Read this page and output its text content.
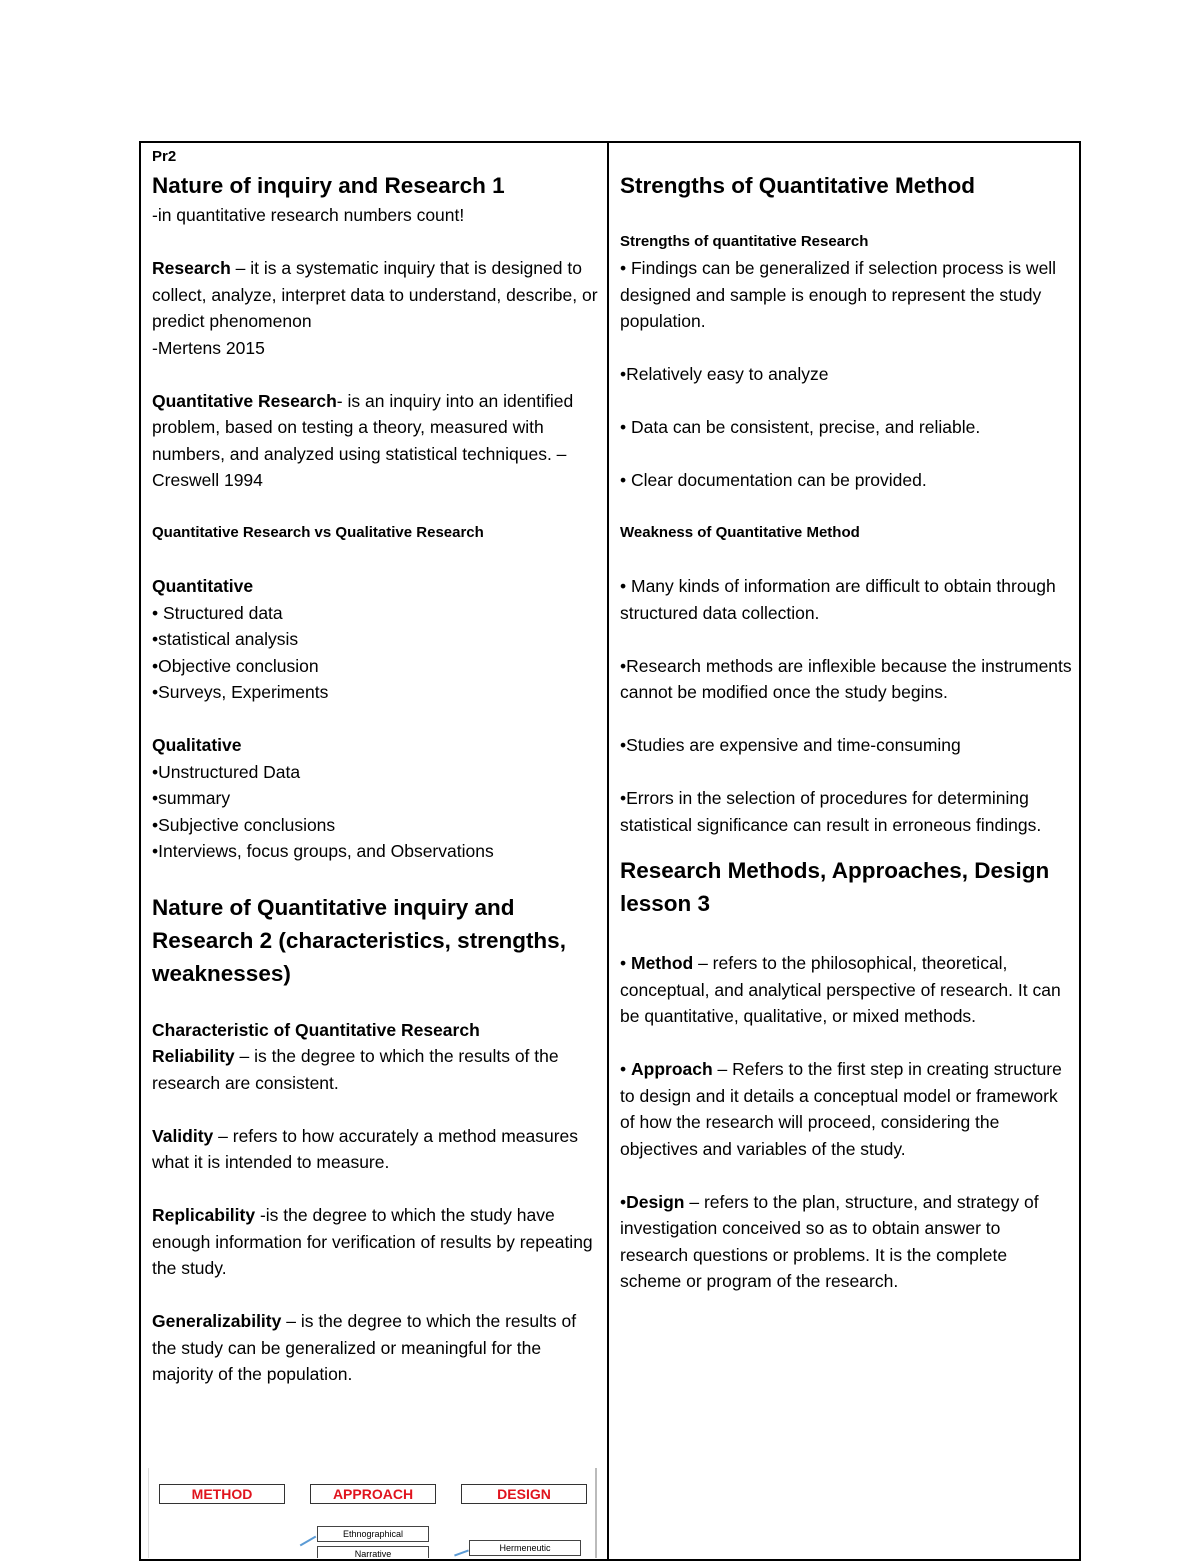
Pr2

Nature of inquiry and Research 1

-in quantitative research numbers count!

Research – it is a systematic inquiry that is designed to collect, analyze, interpret data to understand, describe, or predict phenomenon

-Mertens 2015

Quantitative Research- is an inquiry into an identified problem, based on testing a theory, measured with numbers, and analyzed using statistical techniques. – Creswell 1994

Quantitative Research vs Qualitative Research

Quantitative

• Structured data

•statistical analysis

•Objective conclusion

•Surveys, Experiments

Qualitative

•Unstructured Data

•summary

•Subjective conclusions

•Interviews, focus groups, and Observations

Nature of Quantitative inquiry and Research 2 (characteristics, strengths, weaknesses)

Characteristic of Quantitative Research

Reliability – is the degree to which the results of the research are consistent.

Validity – refers to how accurately a method measures what it is intended to measure.

Replicability -is the degree to which the study have enough information for verification of results by repeating the study.

Generalizability – is the degree to which the results of the study can be generalized or meaningful for the majority of the population.

METHOD	APPROACH	DESIGN
Ethnographical
Narrative
Hermeneutic

Strengths of Quantitative Method

Strengths of quantitative Research

• Findings can be generalized if selection process is well designed and sample is enough to represent the study population.

•Relatively easy to analyze

• Data can be consistent, precise, and reliable.

• Clear documentation can be provided.

Weakness of Quantitative Method

• Many kinds of information are difficult to obtain through structured data collection.

•Research methods are inflexible because the instruments cannot be modified once the study begins.

•Studies are expensive and time-consuming

•Errors in the selection of procedures for determining statistical significance can result in erroneous findings.

Research Methods, Approaches, Design lesson 3

• Method – refers to the philosophical, theoretical, conceptual, and analytical perspective of research. It can be quantitative, qualitative, or mixed methods.

• Approach – Refers to the first step in creating structure to design and it details a conceptual model or framework of how the research will proceed, considering the objectives and variables of the study.

•Design – refers to the plan, structure, and strategy of investigation conceived so as to obtain answer to research questions or problems. It is the complete scheme or program of the research.
